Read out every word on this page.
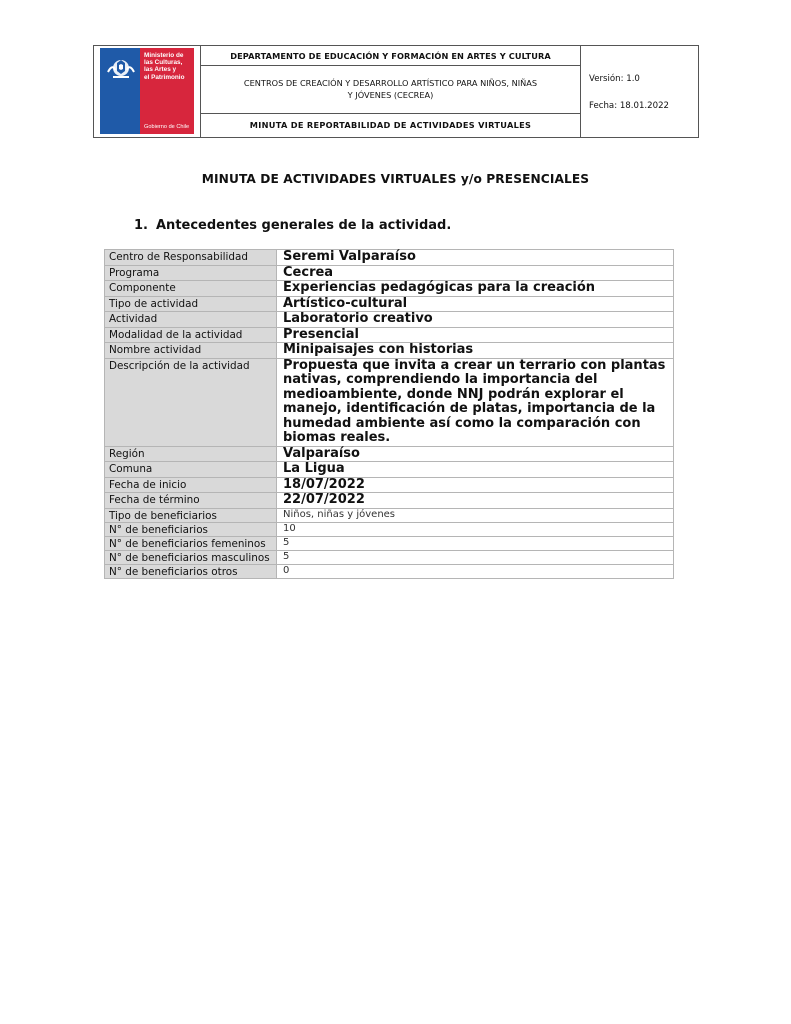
Ministerio de
las Culturas,
las Artes y
el Patrimonio
Gobierno de Chile
DEPARTAMENTO DE EDUCACIÓN Y FORMACIÓN EN ARTES Y CULTURA
CENTROS DE CREACIÓN Y DESARROLLO ARTÍSTICO PARA NIÑOS, NIÑAS
Y JÓVENES (CECREA)
MINUTA DE REPORTABILIDAD DE ACTIVIDADES VIRTUALES
Versión: 1.0
Fecha: 18.01.2022
MINUTA DE ACTIVIDADES VIRTUALES y/o PRESENCIALES
1. Antecedentes generales de la actividad.
Centro de Responsabilidad	Seremi Valparaíso
Programa	Cecrea
Componente	Experiencias pedagógicas para la creación
Tipo de actividad	Artístico-cultural
Actividad	Laboratorio creativo
Modalidad de la actividad	Presencial
Nombre actividad	Minipaisajes con historias
Descripción de la actividad	Propuesta que invita a crear un terrario con plantas nativas, comprendiendo la importancia del medioambiente, donde NNJ podrán explorar el manejo, identificación de platas, importancia de la humedad ambiente así como la comparación con biomas reales.
Región	Valparaíso
Comuna	La Ligua
Fecha de inicio	18/07/2022
Fecha de término	22/07/2022
Tipo de beneficiarios	Niños, niñas y jóvenes
N° de beneficiarios	10
N° de beneficiarios femeninos	5
N° de beneficiarios masculinos	5
N° de beneficiarios otros	0
